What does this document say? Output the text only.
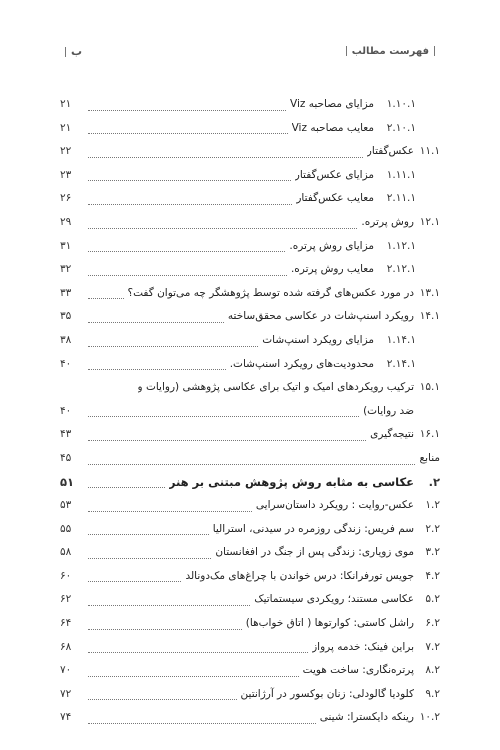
فهرست مطالب
ب
۱.۱۰.۱
مزایای مصاحبه Viz
۲۱
۲.۱۰.۱
معایب مصاحبه Viz
۲۱
۱۱.۱
عکس‌گفتار
۲۲
۱.۱۱.۱
مزایای عکس‌گفتار
۲۳
۲.۱۱.۱
معایب عکس‌گفتار
۲۶
۱۲.۱
روش پرتره.
۲۹
۱.۱۲.۱
مزایای روش پرتره.
۳۱
۲.۱۲.۱
معایب روش پرتره.
۳۲
۱۳.۱
در مورد عکس‌های گرفته شده توسط پژوهشگر چه می‌توان گفت؟
۳۳
۱۴.۱
رویکرد اسنپ‌شات در عکاسی محقق‌ساخته
۳۵
۱.۱۴.۱
مزایای رویکرد اسنپ‌شات
۳۸
۲.۱۴.۱
محدودیت‌های رویکرد اسنپ‌شات.
۴۰
۱۵.۱
ترکیب رویکردهای امیک و اتیک برای عکاسی پژوهشی (روایات و
ضد روایات)
۴۰
۱۶.۱
نتیجه‌گیری
۴۳
منابع
۴۵
۲.
عکاسی به مثابه روش پژوهش مبتنی بر هنر
۵۱
۱.۲
عکس-روایت : رویکرد داستان‌سرایی
۵۳
۲.۲
سم فریس: زندگی روزمره در سیدنی، استرالیا
۵۵
۳.۲
موی زویاری: زندگی پس از جنگ در افغانستان
۵۸
۴.۲
جویس تورفرانکا: درس خواندن با چراغ‌های مک‌دونالد
۶۰
۵.۲
عکاسی مستند؛ رویکردی سیستماتیک
۶۲
۶.۲
راشل کاستی: کوارتوها ( اتاق خواب‌ها)
۶۴
۷.۲
براین فینک: خدمه پرواز
۶۸
۸.۲
پرتره‌نگاری: ساخت هویت
۷۰
۹.۲
کلودیا گالودلی: زنان بوکسور در آرژانتین
۷۲
۱۰.۲
رینکه دایکسترا: شینی
۷۴
